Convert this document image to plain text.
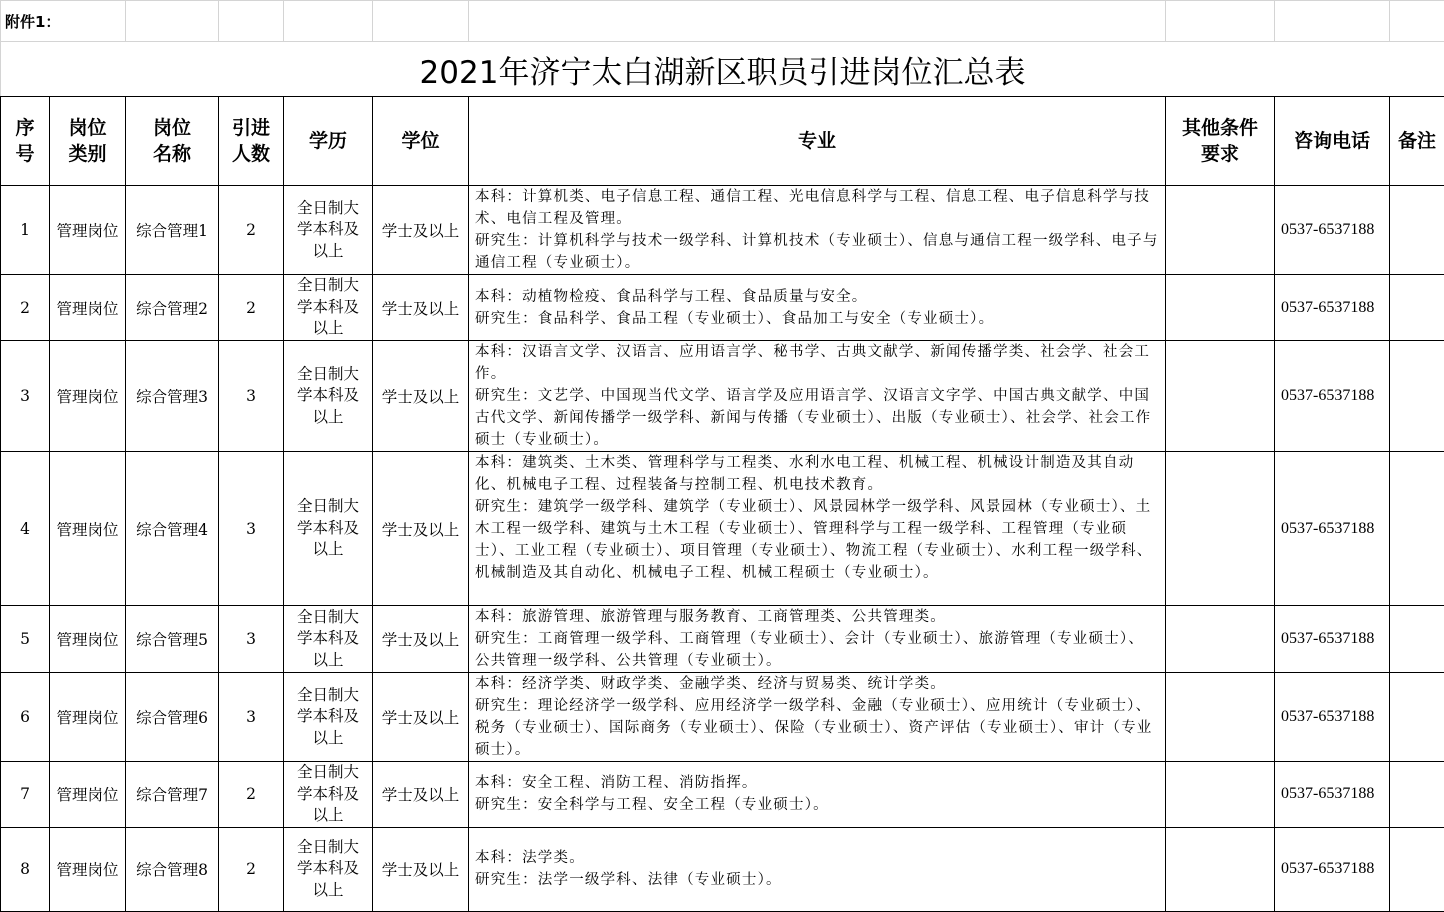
附件1：									
2021年济宁太白湖新区职员引进岗位汇总表									

序号	岗位类别	岗位名称	引进人数	学历	学位	专业	其他条件要求	咨询电话	备注
1	管理岗位	综合管理1	2	全日制大学本科及以上	学士及以上	本科：计算机类、电子信息工程、通信工程、光电信息科学与工程、信息工程、电子信息科学与技术、电信工程及管理。
研究生：计算机科学与技术一级学科、计算机技术（专业硕士）、信息与通信工程一级学科、电子与通信工程（专业硕士）。		0537-6537188	
2	管理岗位	综合管理2	2	全日制大学本科及以上	学士及以上	本科：动植物检疫、食品科学与工程、食品质量与安全。
研究生：食品科学、食品工程（专业硕士）、食品加工与安全（专业硕士）。		0537-6537188	
3	管理岗位	综合管理3	3	全日制大学本科及以上	学士及以上	本科：汉语言文学、汉语言、应用语言学、秘书学、古典文献学、新闻传播学类、社会学、社会工作。
研究生：文艺学、中国现当代文学、语言学及应用语言学、汉语言文字学、中国古典文献学、中国古代文学、新闻传播学一级学科、新闻与传播（专业硕士）、出版（专业硕士）、社会学、社会工作硕士（专业硕士）。		0537-6537188	
4	管理岗位	综合管理4	3	全日制大学本科及以上	学士及以上	本科：建筑类、土木类、管理科学与工程类、水利水电工程、机械工程、机械设计制造及其自动化、机械电子工程、过程装备与控制工程、机电技术教育。
研究生：建筑学一级学科、建筑学（专业硕士）、风景园林学一级学科、风景园林（专业硕士）、土木工程一级学科、建筑与土木工程（专业硕士）、管理科学与工程一级学科、工程管理（专业硕士）、工业工程（专业硕士）、项目管理（专业硕士）、物流工程（专业硕士）、水利工程一级学科、机械制造及其自动化、机械电子工程、机械工程硕士（专业硕士）。		0537-6537188	
5	管理岗位	综合管理5	3	全日制大学本科及以上	学士及以上	本科：旅游管理、旅游管理与服务教育、工商管理类、公共管理类。
研究生：工商管理一级学科、工商管理（专业硕士）、会计（专业硕士）、旅游管理（专业硕士）、公共管理一级学科、公共管理（专业硕士）。		0537-6537188	
6	管理岗位	综合管理6	3	全日制大学本科及以上	学士及以上	本科：经济学类、财政学类、金融学类、经济与贸易类、统计学类。
研究生：理论经济学一级学科、应用经济学一级学科、金融（专业硕士）、应用统计（专业硕士）、税务（专业硕士）、国际商务（专业硕士）、保险（专业硕士）、资产评估（专业硕士）、审计（专业硕士）。		0537-6537188	
7	管理岗位	综合管理7	2	全日制大学本科及以上	学士及以上	本科：安全工程、消防工程、消防指挥。
研究生：安全科学与工程、安全工程（专业硕士）。		0537-6537188	
8	管理岗位	综合管理8	2	全日制大学本科及以上	学士及以上	本科：法学类。
研究生：法学一级学科、法律（专业硕士）。		0537-6537188	
